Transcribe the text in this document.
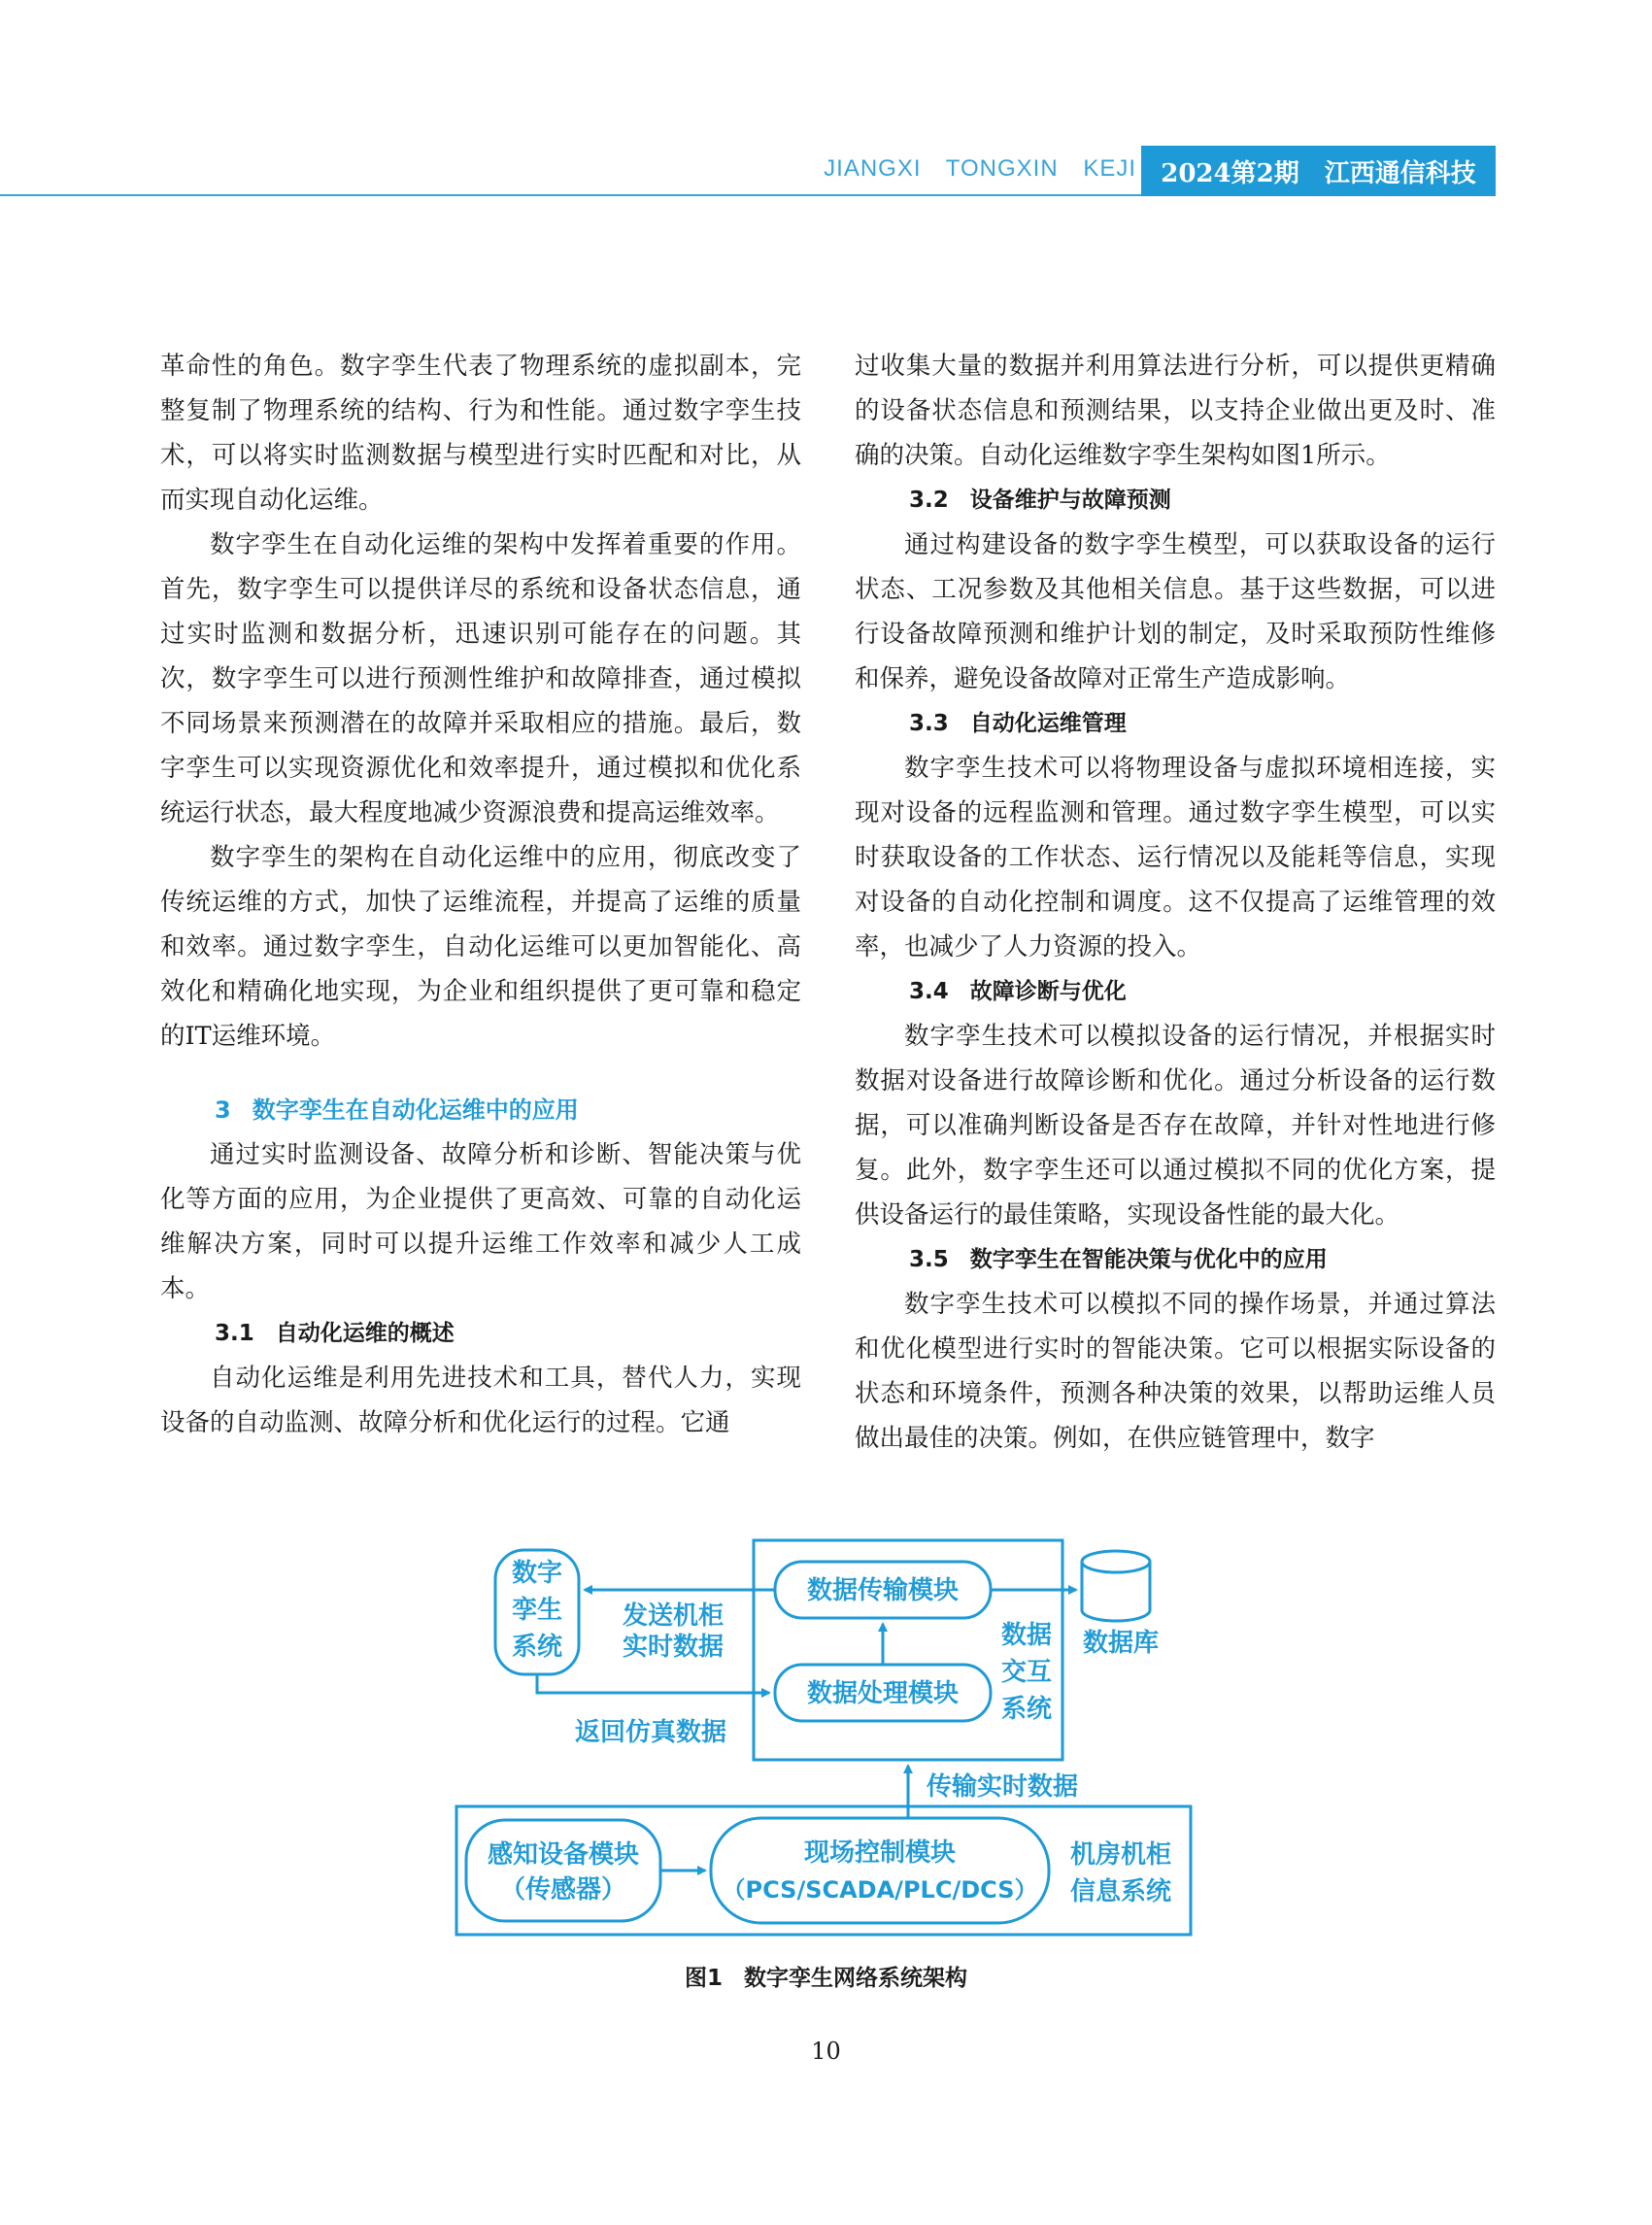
JIANGXI TONGXIN KEJI 2024第2期 江西通信科技

革命性的角色。数字孪生代表了物理系统的虚拟副本，完整复制了物理系统的结构、行为和性能。通过数字孪生技术，可以将实时监测数据与模型进行实时匹配和对比，从而实现自动化运维。

数字孪生在自动化运维的架构中发挥着重要的作用。首先，数字孪生可以提供详尽的系统和设备状态信息，通过实时监测和数据分析，迅速识别可能存在的问题。其次，数字孪生可以进行预测性维护和故障排查，通过模拟不同场景来预测潜在的故障并采取相应的措施。最后，数字孪生可以实现资源优化和效率提升，通过模拟和优化系统运行状态，最大程度地减少资源浪费和提高运维效率。

数字孪生的架构在自动化运维中的应用，彻底改变了传统运维的方式，加快了运维流程，并提高了运维的质量和效率。通过数字孪生，自动化运维可以更加智能化、高效化和精确化地实现，为企业和组织提供了更可靠和稳定的IT运维环境。

3 数字孪生在自动化运维中的应用

通过实时监测设备、故障分析和诊断、智能决策与优化等方面的应用，为企业提供了更高效、可靠的自动化运维解决方案，同时可以提升运维工作效率和减少人工成本。

3.1 自动化运维的概述

自动化运维是利用先进技术和工具，替代人力，实现设备的自动监测、故障分析和优化运行的过程。它通

过收集大量的数据并利用算法进行分析，可以提供更精确的设备状态信息和预测结果，以支持企业做出更及时、准确的决策。自动化运维数字孪生架构如图1所示。

3.2 设备维护与故障预测

通过构建设备的数字孪生模型，可以获取设备的运行状态、工况参数及其他相关信息。基于这些数据，可以进行设备故障预测和维护计划的制定，及时采取预防性维修和保养，避免设备故障对正常生产造成影响。

3.3 自动化运维管理

数字孪生技术可以将物理设备与虚拟环境相连接，实现对设备的远程监测和管理。通过数字孪生模型，可以实时获取设备的工作状态、运行情况以及能耗等信息，实现对设备的自动化控制和调度。这不仅提高了运维管理的效率，也减少了人力资源的投入。

3.4 故障诊断与优化

数字孪生技术可以模拟设备的运行情况，并根据实时数据对设备进行故障诊断和优化。通过分析设备的运行数据，可以准确判断设备是否存在故障，并针对性地进行修复。此外，数字孪生还可以通过模拟不同的优化方案，提供设备运行的最佳策略，实现设备性能的最大化。

3.5 数字孪生在智能决策与优化中的应用

数字孪生技术可以模拟不同的操作场景，并通过算法和优化模型进行实时的智能决策。它可以根据实际设备的状态和环境条件，预测各种决策的效果，以帮助运维人员做出最佳的决策。例如，在供应链管理中，数字

数字
孪生
系统
发送机柜
实时数据
返回仿真数据
数据传输模块
数据处理模块
数据
交互
系统
数据库
传输实时数据
感知设备模块
（传感器）
现场控制模块
（PCS/SCADA/PLC/DCS）
机房机柜
信息系统
图1 数字孪生网络系统架构
10
